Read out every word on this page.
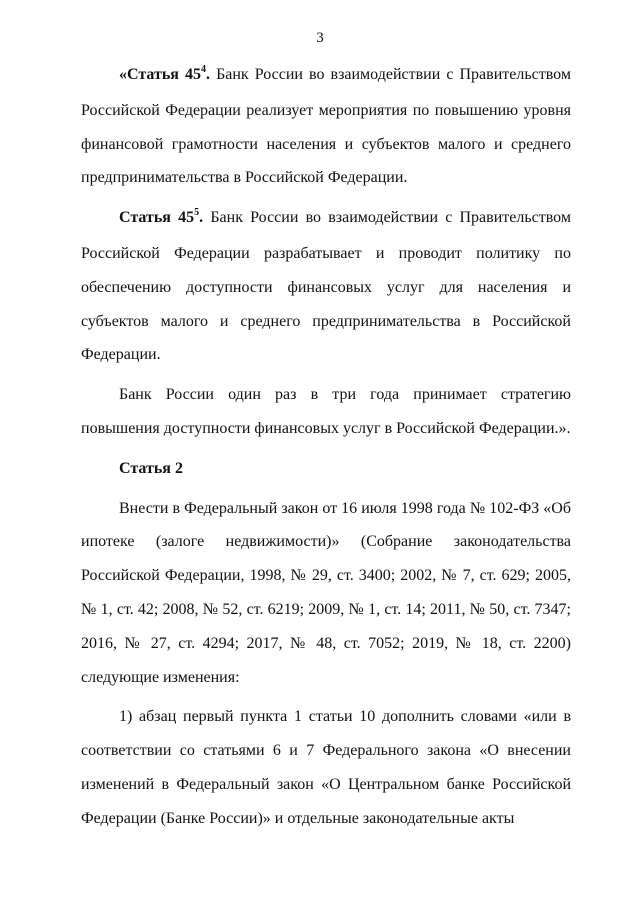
3

«Статья $45^4$. Банк России во взаимодействии с Правительством Российской Федерации реализует мероприятия по повышению уровня финансовой грамотности населения и субъектов малого и среднего предпринимательства в Российской Федерации.

Статья $45^5$. Банк России во взаимодействии с Правительством Российской Федерации разрабатывает и проводит политику по обеспечению доступности финансовых услуг для населения и субъектов малого и среднего предпринимательства в Российской Федерации.

Банк России один раз в три года принимает стратегию повышения доступности финансовых услуг в Российской Федерации.».

Статья 2

Внести в Федеральный закон от 16 июля 1998 года № 102-ФЗ «Об ипотеке (залоге недвижимости)» (Собрание законодательства Российской Федерации, 1998, № 29, ст. 3400; 2002, № 7, ст. 629; 2005, № 1, ст. 42; 2008, № 52, ст. 6219; 2009, № 1, ст. 14; 2011, № 50, ст. 7347; 2016, № 27, ст. 4294; 2017, № 48, ст. 7052; 2019, № 18, ст. 2200) следующие изменения:

1) абзац первый пункта 1 статьи 10 дополнить словами «или в соответствии со статьями 6 и 7 Федерального закона «О внесении изменений в Федеральный закон «О Центральном банке Российской Федерации (Банке России)» и отдельные законодательные акты
